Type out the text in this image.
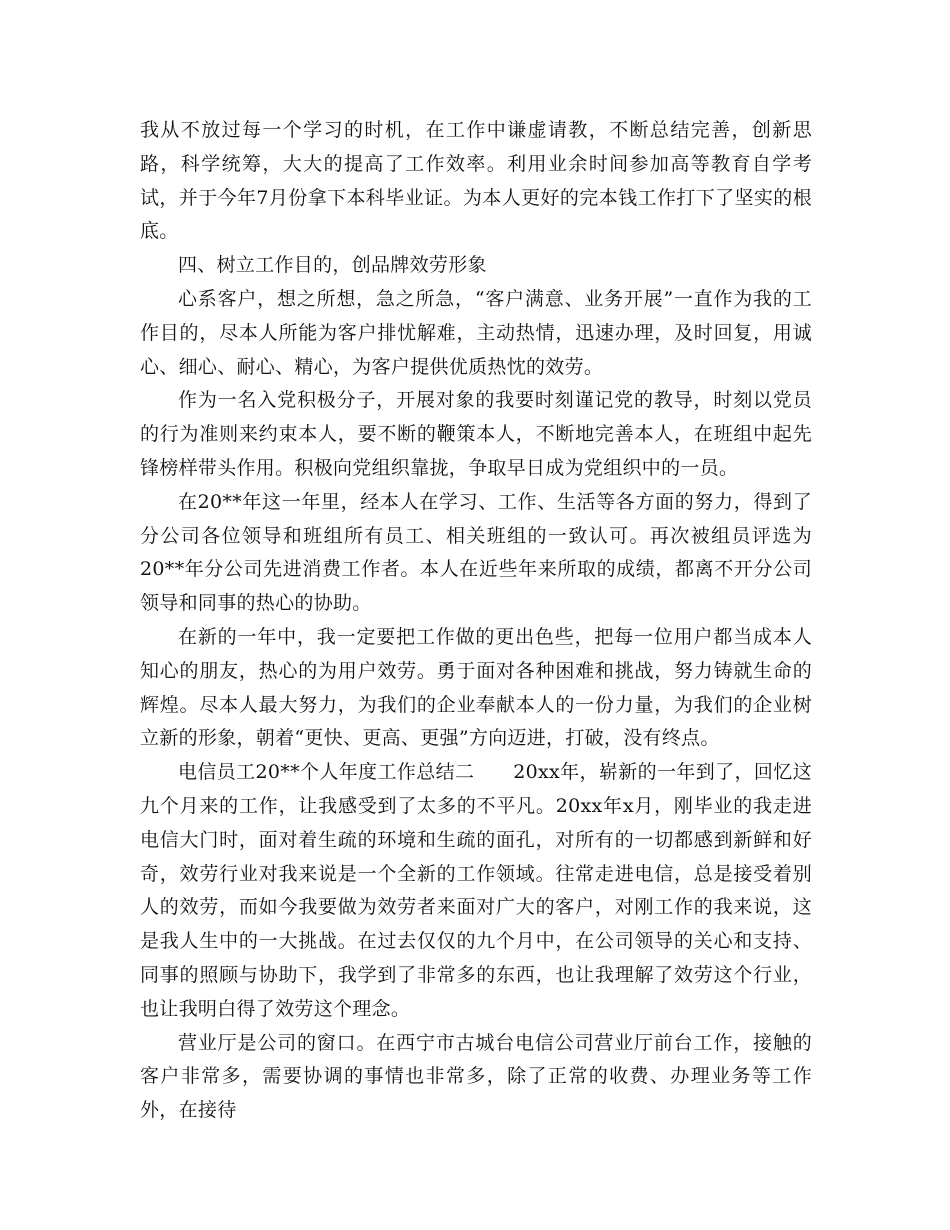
我从不放过每一个学习的时机，在工作中谦虚请教，不断总结完善，创新思路，科学统筹，大大的提高了工作效率。利用业余时间参加高等教育自学考试，并于今年7月份拿下本科毕业证。为本人更好的完本钱工作打下了坚实的根底。

四、树立工作目的，创品牌效劳形象

心系客户，想之所想，急之所急，“客户满意、业务开展”一直作为我的工作目的，尽本人所能为客户排忧解难，主动热情，迅速办理，及时回复，用诚心、细心、耐心、精心，为客户提供优质热忱的效劳。

作为一名入党积极分子，开展对象的我要时刻谨记党的教导，时刻以党员的行为准则来约束本人，要不断的鞭策本人，不断地完善本人，在班组中起先锋榜样带头作用。积极向党组织靠拢，争取早日成为党组织中的一员。

在20**年这一年里，经本人在学习、工作、生活等各方面的努力，得到了分公司各位领导和班组所有员工、相关班组的一致认可。再次被组员评选为20**年分公司先进消费工作者。本人在近些年来所取的成绩，都离不开分公司领导和同事的热心的协助。

在新的一年中，我一定要把工作做的更出色些，把每一位用户都当成本人知心的朋友，热心的为用户效劳。勇于面对各种困难和挑战，努力铸就生命的辉煌。尽本人最大努力，为我们的企业奉献本人的一份力量，为我们的企业树立新的形象，朝着“更快、更高、更强”方向迈进，打破，没有终点。

电信员工20**个人年度工作总结二　　20xx年，崭新的一年到了，回忆这九个月来的工作，让我感受到了太多的不平凡。20xx年x月，刚毕业的我走进电信大门时，面对着生疏的环境和生疏的面孔，对所有的一切都感到新鲜和好奇，效劳行业对我来说是一个全新的工作领域。往常走进电信，总是接受着别人的效劳，而如今我要做为效劳者来面对广大的客户，对刚工作的我来说，这是我人生中的一大挑战。在过去仅仅的九个月中，在公司领导的关心和支持、同事的照顾与协助下，我学到了非常多的东西，也让我理解了效劳这个行业，也让我明白得了效劳这个理念。

营业厅是公司的窗口。在西宁市古城台电信公司营业厅前台工作，接触的客户非常多，需要协调的事情也非常多，除了正常的收费、办理业务等工作外，在接待
